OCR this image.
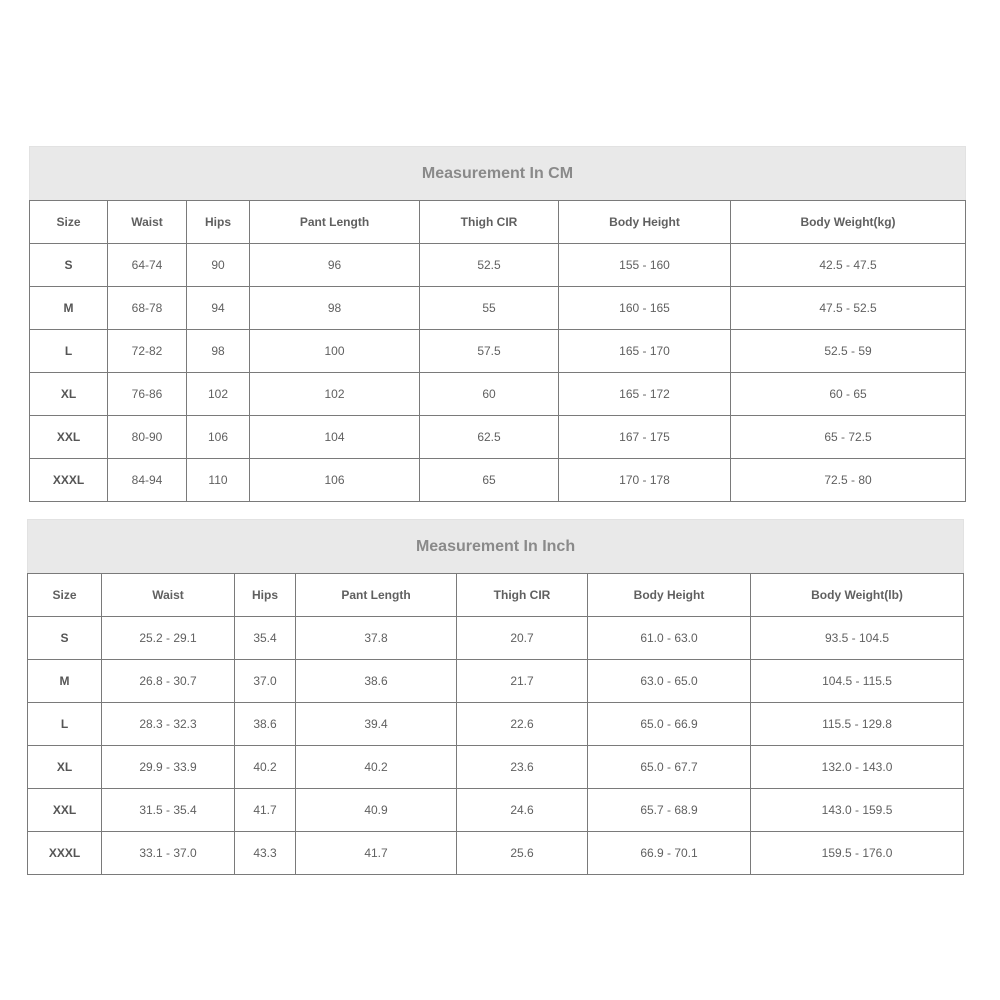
Measurement In CM						
Size	Waist	Hips	Pant Length	Thigh CIR	Body Height	Body Weight(kg)
S	64-74	90	96	52.5	155 - 160	42.5 - 47.5
M	68-78	94	98	55	160 - 165	47.5 - 52.5
L	72-82	98	100	57.5	165 - 170	52.5 - 59
XL	76-86	102	102	60	165 - 172	60 - 65
XXL	80-90	106	104	62.5	167 - 175	65 - 72.5
XXXL	84-94	110	106	65	170 - 178	72.5 - 80
Measurement In Inch						
Size	Waist	Hips	Pant Length	Thigh CIR	Body Height	Body Weight(lb)
S	25.2 - 29.1	35.4	37.8	20.7	61.0 - 63.0	93.5 - 104.5
M	26.8 - 30.7	37.0	38.6	21.7	63.0 - 65.0	104.5 - 115.5
L	28.3 - 32.3	38.6	39.4	22.6	65.0 - 66.9	115.5 - 129.8
XL	29.9 - 33.9	40.2	40.2	23.6	65.0 - 67.7	132.0 - 143.0
XXL	31.5 - 35.4	41.7	40.9	24.6	65.7 - 68.9	143.0 - 159.5
XXXL	33.1 - 37.0	43.3	41.7	25.6	66.9 - 70.1	159.5 - 176.0
